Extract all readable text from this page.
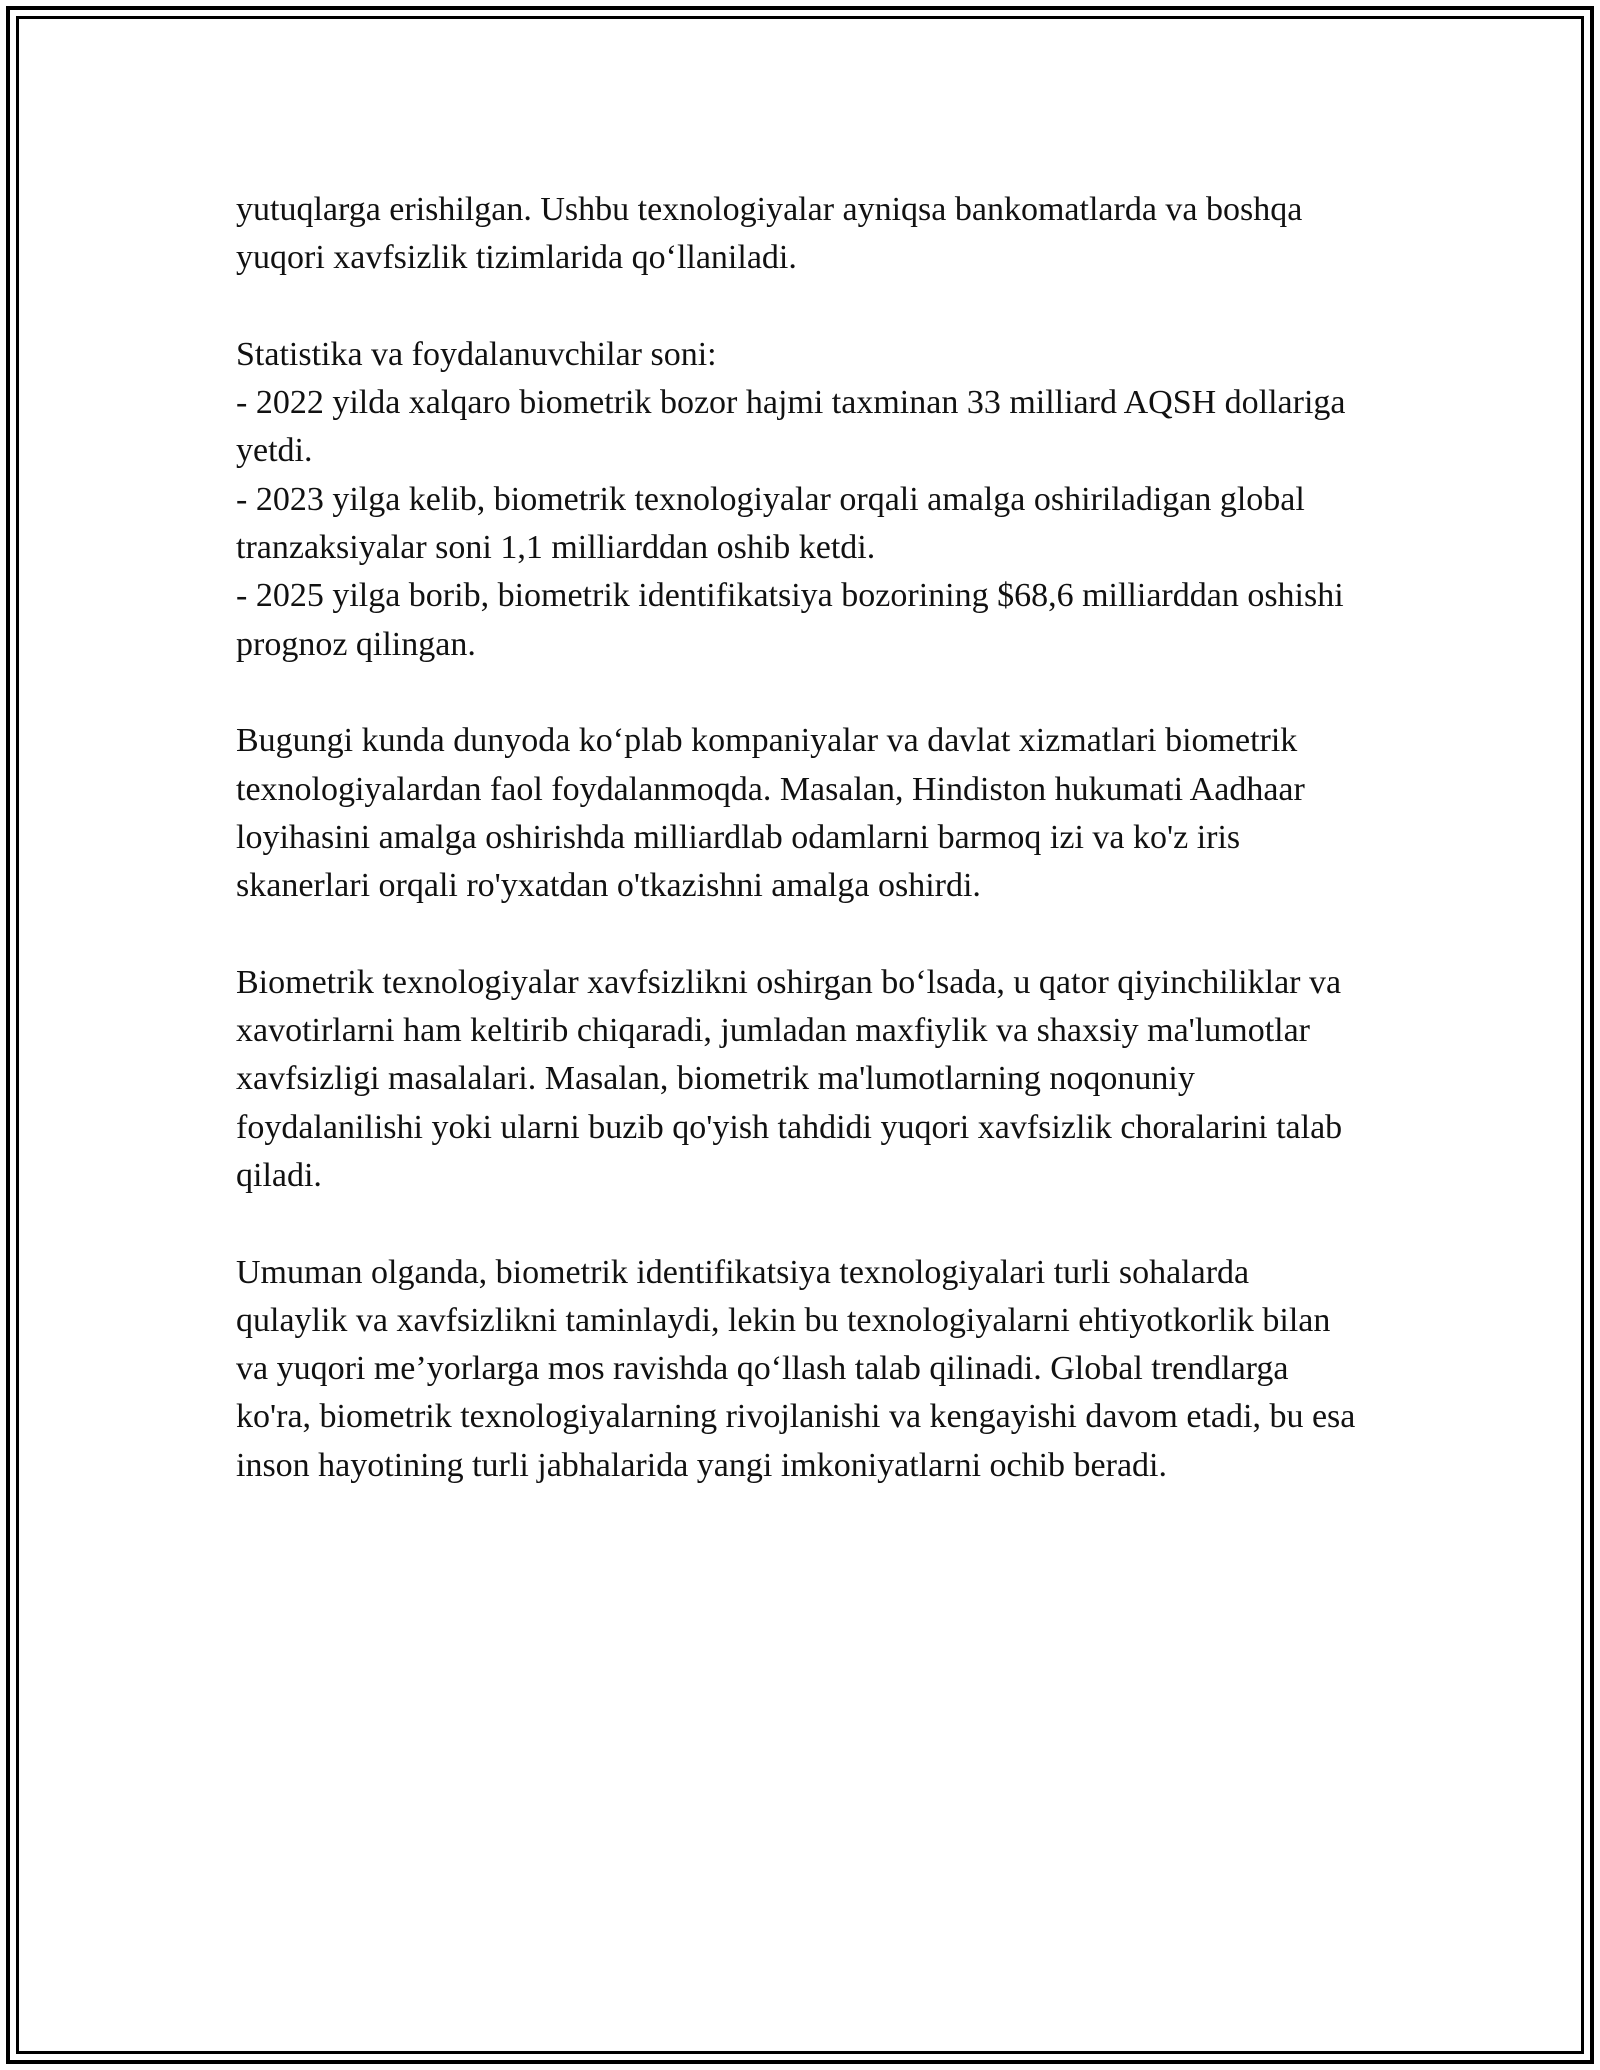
yutuqlarga erishilgan. Ushbu texnologiyalar ayniqsa bankomatlarda va boshqa yuqori xavfsizlik tizimlarida qo‘llaniladi.

Statistika va foydalanuvchilar soni:

- 2022 yilda xalqaro biometrik bozor hajmi taxminan 33 milliard AQSH dollariga yetdi.

- 2023 yilga kelib, biometrik texnologiyalar orqali amalga oshiriladigan global tranzaksiyalar soni 1,1 milliarddan oshib ketdi.

- 2025 yilga borib, biometrik identifikatsiya bozorining $68,6 milliarddan oshishi prognoz qilingan.

Bugungi kunda dunyoda ko‘plab kompaniyalar va davlat xizmatlari biometrik texnologiyalardan faol foydalanmoqda. Masalan, Hindiston hukumati Aadhaar loyihasini amalga oshirishda milliardlab odamlarni barmoq izi va ko'z iris skanerlari orqali ro'yxatdan o'tkazishni amalga oshirdi.

Biometrik texnologiyalar xavfsizlikni oshirgan bo‘lsada, u qator qiyinchiliklar va xavotirlarni ham keltirib chiqaradi, jumladan maxfiylik va shaxsiy ma'lumotlar xavfsizligi masalalari. Masalan, biometrik ma'lumotlarning noqonuniy foydalanilishi yoki ularni buzib qo'yish tahdidi yuqori xavfsizlik choralarini talab qiladi.

Umuman olganda, biometrik identifikatsiya texnologiyalari turli sohalarda qulaylik va xavfsizlikni taminlaydi, lekin bu texnologiyalarni ehtiyotkorlik bilan va yuqori me’yorlarga mos ravishda qo‘llash talab qilinadi. Global trendlarga ko'ra, biometrik texnologiyalarning rivojlanishi va kengayishi davom etadi, bu esa inson hayotining turli jabhalarida yangi imkoniyatlarni ochib beradi.
